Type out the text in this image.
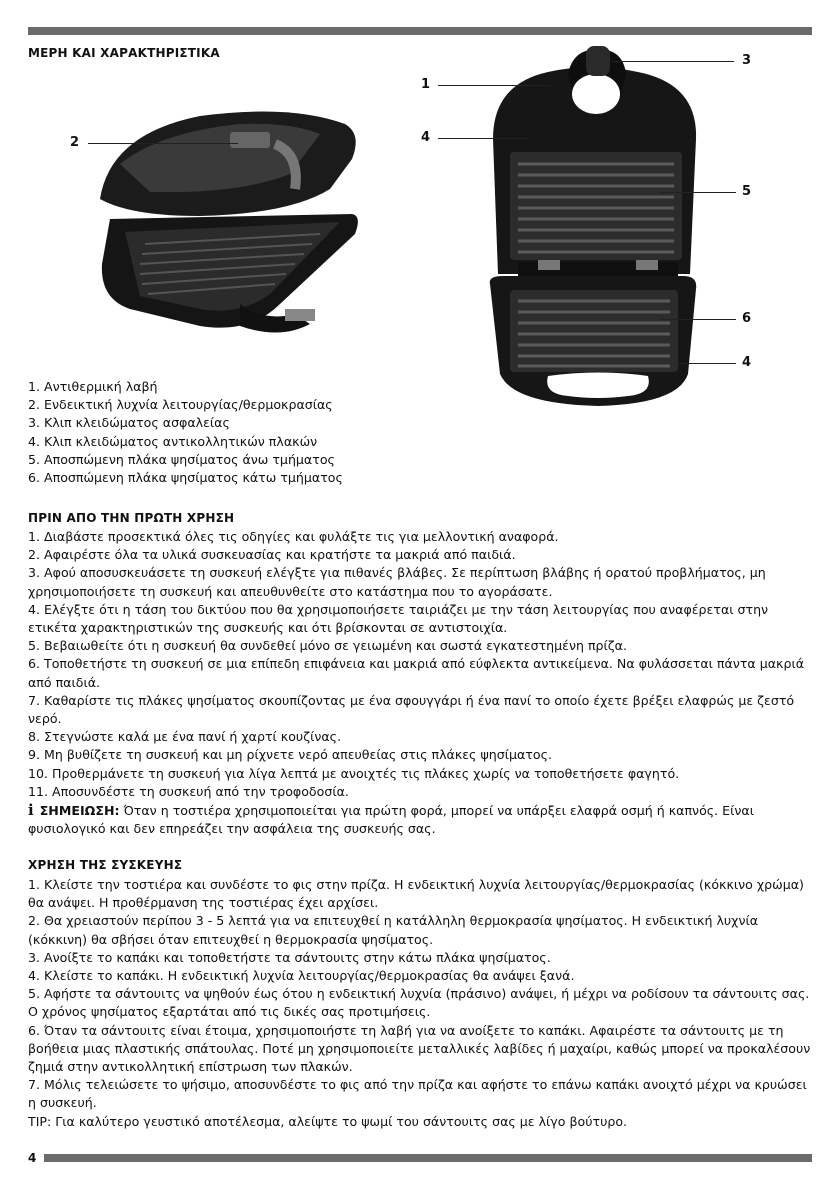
ΜΕΡΗ ΚΑΙ ΧΑΡΑΚΤΗΡΙΣΤΙΚΑ
2
1
3
4
5
6
4

1. Αντιθερμική λαβή

2. Ενδεικτική λυχνία λειτουργίας/θερμοκρασίας

3. Κλιπ κλειδώματος ασφαλείας

4. Κλιπ κλειδώματος αντικολλητικών πλακών

5. Αποσπώμενη πλάκα ψησίματος άνω τμήματος

6. Αποσπώμενη πλάκα ψησίματος κάτω τμήματος

ΠΡΙΝ ΑΠΟ ΤΗΝ ΠΡΩΤΗ ΧΡΗΣΗ

1. Διαβάστε προσεκτικά όλες τις οδηγίες και φυλάξτε τις για μελλοντική αναφορά.

2. Αφαιρέστε όλα τα υλικά συσκευασίας και κρατήστε τα μακριά από παιδιά.

3. Αφού αποσυσκευάσετε τη συσκευή ελέγξτε για πιθανές βλάβες. Σε περίπτωση βλάβης ή ορατού προβλήματος, μη χρησιμοποιήσετε τη συσκευή και απευθυνθείτε στο κατάστημα που το αγοράσατε.

4. Ελέγξτε ότι η τάση του δικτύου που θα χρησιμοποιήσετε ταιριάζει με την τάση λειτουργίας που αναφέρεται στην ετικέτα χαρακτηριστικών της συσκευής και ότι βρίσκονται σε αντιστοιχία.

5. Βεβαιωθείτε ότι η συσκευή θα συνδεθεί μόνο σε γειωμένη και σωστά εγκατεστημένη πρίζα.

6. Τοποθετήστε τη συσκευή σε μια επίπεδη επιφάνεια και μακριά από εύφλεκτα αντικείμενα. Να φυλάσσεται πάντα μακριά από παιδιά.

7. Καθαρίστε τις πλάκες ψησίματος σκουπίζοντας με ένα σφουγγάρι ή ένα πανί το οποίο έχετε βρέξει ελαφρώς με ζεστό νερό.

8. Στεγνώστε καλά με ένα πανί ή χαρτί κουζίνας.

9. Μη βυθίζετε τη συσκευή και μη ρίχνετε νερό απευθείας στις πλάκες ψησίματος.

10. Προθερμάνετε τη συσκευή για λίγα λεπτά με ανοιχτές τις πλάκες χωρίς να τοποθετήσετε φαγητό.

11. Αποσυνδέστε τη συσκευή από την τροφοδοσία.

i ΣΗΜΕΙΩΣΗ: Όταν η τοστιέρα χρησιμοποιείται για πρώτη φορά, μπορεί να υπάρξει ελαφρά οσμή ή καπνός. Είναι φυσιολογικό και δεν επηρεάζει την ασφάλεια της συσκευής σας.

ΧΡΗΣΗ ΤΗΣ ΣΥΣΚΕΥΗΣ

1. Κλείστε την τοστιέρα και συνδέστε το φις στην πρίζα. Η ενδεικτική λυχνία λειτουργίας/θερμοκρασίας (κόκκινο χρώμα) θα ανάψει. Η προθέρμανση της τοστιέρας έχει αρχίσει.

2. Θα χρειαστούν περίπου 3 - 5 λεπτά για να επιτευχθεί η κατάλληλη θερμοκρασία ψησίματος. Η ενδεικτική λυχνία (κόκκινη) θα σβήσει όταν επιτευχθεί η θερμοκρασία ψησίματος.

3. Ανοίξτε το καπάκι και τοποθετήστε τα σάντουιτς στην κάτω πλάκα ψησίματος.

4. Κλείστε το καπάκι. Η ενδεικτική λυχνία λειτουργίας/θερμοκρασίας θα ανάψει ξανά.

5. Αφήστε τα σάντουιτς να ψηθούν έως ότου η ενδεικτική λυχνία (πράσινο) ανάψει, ή μέχρι να ροδίσουν τα σάντουιτς σας. Ο χρόνος ψησίματος εξαρτάται από τις δικές σας προτιμήσεις.

6. Όταν τα σάντουιτς είναι έτοιμα, χρησιμοποιήστε τη λαβή για να ανοίξετε το καπάκι. Αφαιρέστε τα σάντουιτς με τη βοήθεια μιας πλαστικής σπάτουλας. Ποτέ μη χρησιμοποιείτε μεταλλικές λαβίδες ή μαχαίρι, καθώς μπορεί να προκαλέσουν ζημιά στην αντικολλητική επίστρωση των πλακών.

7. Μόλις τελειώσετε το ψήσιμο, αποσυνδέστε το φις από την πρίζα και αφήστε το επάνω καπάκι ανοιχτό μέχρι να κρυώσει η συσκευή.

TIP: Για καλύτερο γευστικό αποτέλεσμα, αλείψτε το ψωμί του σάντουιτς σας με λίγο βούτυρο.

4
